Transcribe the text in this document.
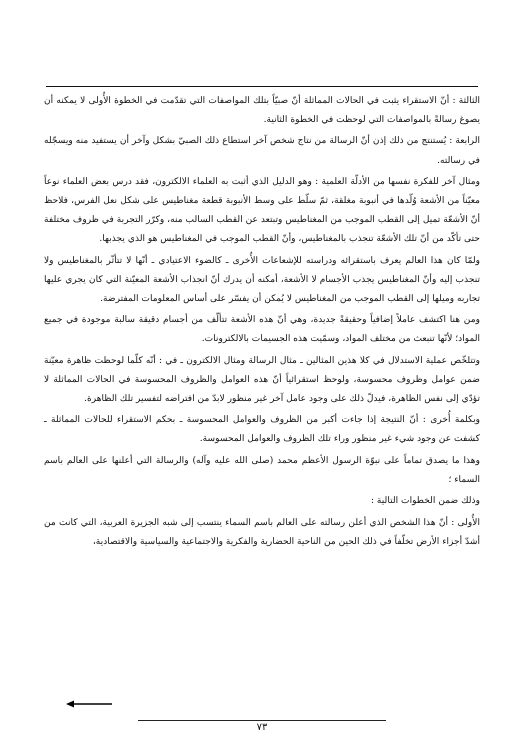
الثالثة : أنّ الاستقراء يثبت في الحالات المماثلة أنّ صبيّاً بتلك المواصفات التي تقدّمت في الخطوة الأُولى لا يمكنه أن يصوغ رسالةً بالمواصفات التي لوحظت في الخطوة الثانية.

الرابعة : يُستنتج من ذلك إذن أنّ الرسالة من نتاج شخص آخر استطاع ذلك الصبيّ بشكل وآخر أن يستفيد منه ويسجّله في رسالته.

ومثال آخر للفكرة نفسها من الأدلّة العلمية : وهو الدليل الذي أثبت به العلماء الالكترون، فقد درس بعض العلماء نوعاً معيّناً من الأشعة وُلّدها في أنبوبة مغلقة، ثمّ سلّط على وسط الأنبوبة قطعة مغناطيس على شكل نعل الفرس، فلاحظ أنّ الأشعّة تميل إلى القطب الموجب من المغناطيس وتبتعد عن القطب السالب منه، وكرّر التجربة في ظروف مختلفة حتى تأكّد من أنّ تلك الأشعّة تنجذب بالمغناطيس، وأنّ القطب الموجب في المغناطيس هو الذي يجذبها.

ولمّا كان هذا العالم يعرف باستقرائه ودراسته للإشعاعات الأُخرى ـ كالضوء الاعتيادي ـ أنّها لا تتأثّر بالمغناطيس ولا تنجذب إليه وأنّ المغناطيس يجذب الأجسام لا الأشعة، أمكنه أن يدرك أنّ انجذاب الأشعة المعيّنة التي كان يجري عليها تجاربه وميلها إلى القطب الموجب من المغناطيس لا يُمكن أن يفسّر على أساس المعلومات المفترضة.

ومن هنا اكتشف عاملاً إضافياً وحقيقةً جديدة، وهي أنّ هذه الأشعة تتألّف من أجسام دقيقة سالبة موجودة في جميع المواد؛ لأنّها تنبعث من مختلف المواد، وسمّيت هذه الجسيمات بالالكترونات.

وتتلخّص عملية الاستدلال في كلا هذين المثالين ـ مثال الرسالة ومثال الالكترون ـ في : أنّه كلّما لوحظت ظاهرة معيّنة ضمن عوامل وظروف محسوسة، ولوحظ استقرائياً أنّ هذه العوامل والظروف المحسوسة في الحالات المماثلة لا تؤدّي إلى نفس الظاهرة، فيدلّ ذلك على وجود عامل آخر غير منظور لابدّ من افتراضه لتفسير تلك الظاهرة.

وبكلمة أُخرى : أنّ النتيجة إذا جاءت أكبر من الظروف والعوامل المحسوسة ـ بحكم الاستقراء للحالات المماثلة ـ كشفت عن وجود شيء غير منظور وراء تلك الظروف والعوامل المحسوسة.

وهذا ما يصدق تماماً على نبوّة الرسول الأعظم محمد (صلى الله عليه وآله) والرسالة التي أعلنها على العالم باسم السماء ؛

وذلك ضمن الخطوات التالية :

الأُولى : أنّ هذا الشخص الذي أعلن رسالته على العالم باسم السماء ينتسب إلى شبه الجزيرة العربية، التي كانت من أشدّ أجزاء الأرض تخلّفاً في ذلك الحين من الناحية الحضارية والفكرية والاجتماعية والسياسية والاقتصادية،

٧٣
